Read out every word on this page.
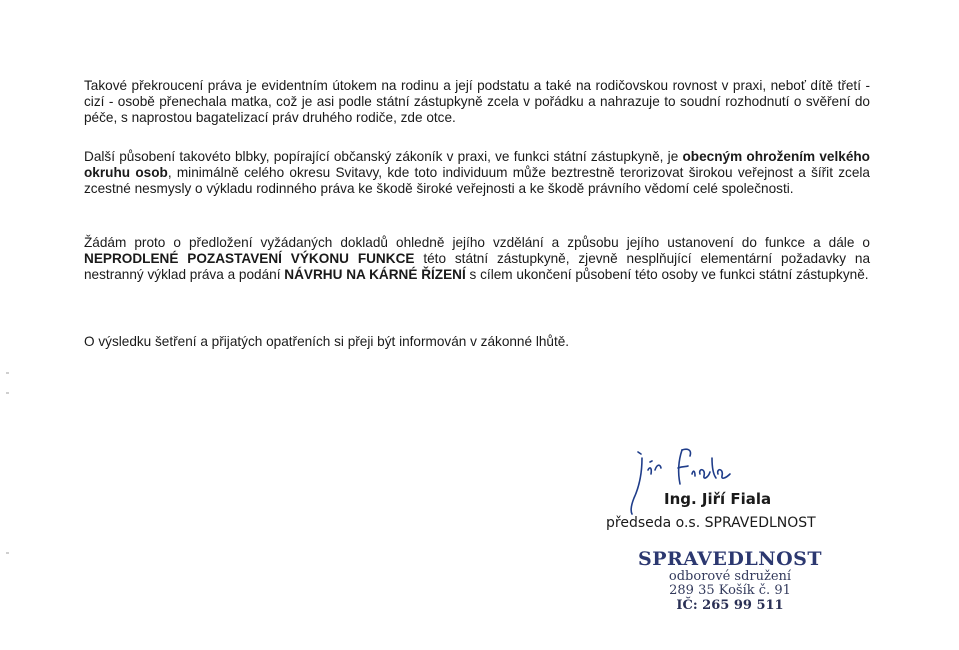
Takové překroucení práva je evidentním útokem na rodinu a její podstatu a také na rodičovskou rovnost v praxi, neboť dítě třetí - cizí - osobě přenechala matka, což je asi podle státní zástupkyně zcela v pořádku a nahrazuje to soudní rozhodnutí o svěření do péče, s naprostou bagatelizací práv druhého rodiče, zde otce.

Další působení takovéto blbky, popírající občanský zákoník v praxi, ve funkci státní zástupkyně, je obecným ohrožením velkého okruhu osob, minimálně celého okresu Svitavy, kde toto individuum může beztrestně terorizovat širokou veřejnost a šířit zcela zcestné nesmysly o výkladu rodinného práva ke škodě široké veřejnosti a ke škodě právního vědomí celé společnosti.

Žádám proto o předložení vyžádaných dokladů ohledně jejího vzdělání a způsobu jejího ustanovení do funkce a dále o NEPRODLENÉ POZASTAVENÍ VÝKONU FUNKCE této státní zástupkyně, zjevně nesplňující elementární požadavky na nestranný výklad práva a podání NÁVRHU NA KÁRNÉ ŘÍZENÍ s cílem ukončení působení této osoby ve funkci státní zástupkyně.

O výsledku šetření a přijatých opatřeních si přeji být informován v zákonné lhůtě.

Ing. Jiří Fiala
předseda o.s. SPRAVEDLNOST
SPRAVEDLNOST
odborové sdružení
289 35 Košík č. 91
IČ: 265 99 511
